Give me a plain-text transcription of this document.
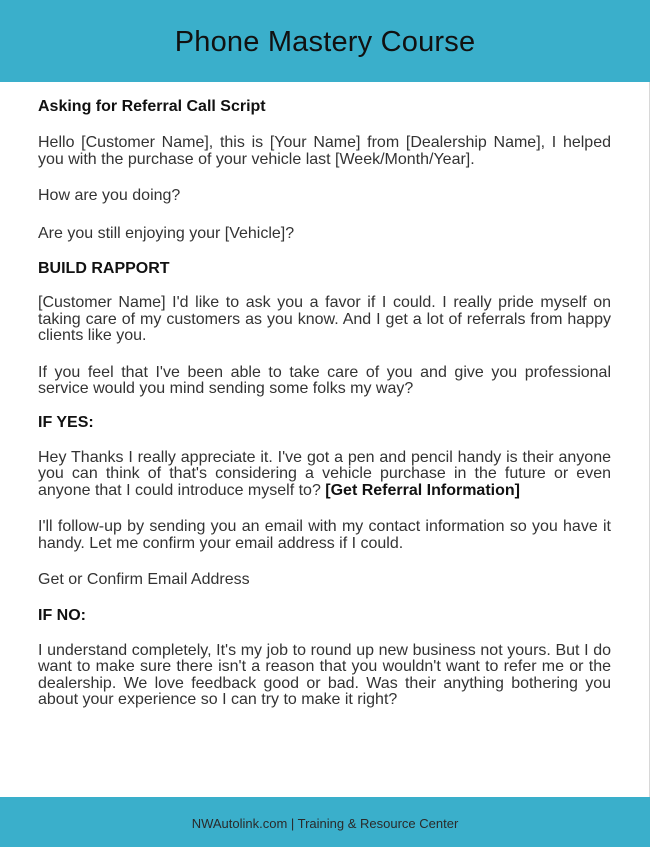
Phone Mastery Course

Asking for Referral Call Script

Hello [Customer Name], this is [Your Name] from [Dealership Name], I helped you with the purchase of your vehicle last [Week/Month/Year].

How are you doing?

Are you still enjoying your [Vehicle]?

BUILD RAPPORT

[Customer Name] I'd like to ask you a favor if I could. I really pride myself on taking care of my customers as you know. And I get a lot of referrals from happy clients like you.

If you feel that I've been able to take care of you and give you professional service would you mind sending some folks my way?

IF YES:

Hey Thanks I really appreciate it. I've got a pen and pencil handy is their anyone you can think of that's considering a vehicle purchase in the future or even anyone that I could introduce myself to? [Get Referral Information]

I'll follow-up by sending you an email with my contact information so you have it handy. Let me confirm your email address if I could.

Get or Confirm Email Address

IF NO:

I understand completely, It's my job to round up new business not yours. But I do want to make sure there isn't a reason that you wouldn't want to refer me or the dealership. We love feedback good or bad. Was their anything bothering you about your experience so I can try to make it right?

NWAutolink.com | Training & Resource Center
